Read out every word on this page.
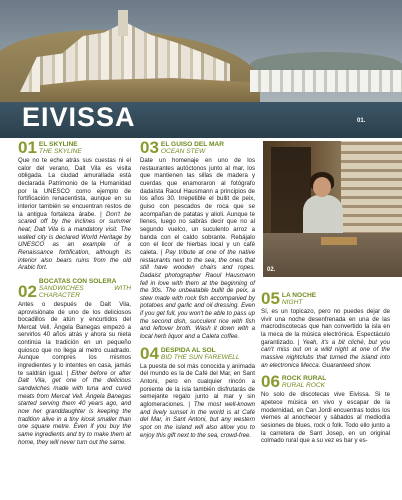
EIVISSA	01.
01 EL SKYLINE
THE SKYLINE
Que no te eche atrás sus cuestas ni el calor del verano, Dalt Vila es visita obligada. La ciudad amurallada está declarada Patrimonio de la Humanidad por la UNESCO como ejemplo de fortificación renacentista, aunque en su interior también se encuentran restos de la antigua fortaleza árabe. | Don't be scared off by the inclines or summer heat; Dalt Vila is a mandatory visit. The walled city is declared World Heritage by UNESCO as an example of a Renaissance fortification, although its interior also bears ruins from the old Arabic fort.
02
BOCATAS CON SOLERA
SANDWICHES WITH CHARACTER
Antes o después de Dalt Vila, aprovisiónate de uno de los deliciosos bocadillos de atún y encurtidos del Mercat Vell. Àngela Banegas empezó a servirlos 40 años atrás y ahora su nieta continúa la tradición en un pequeño quiosco que no llega al metro cuadrado. Aunque compres los mismos ingredientes y lo intentes en casa, jamás te saldrán igual. | Either before or after Dalt Vila, get one of the delicious sandwiches made with tuna and cured meats from Mercat Vell. Àngela Banegas started serving them 40 years ago, and now her granddaughter is keeping the tradition alive in a tiny kiosk smaller than one square metre. Even if you buy the same ingredients and try to make them at home, they will never turn out the same.
03 EL GUISO DEL MAR
OCEAN STEW
Date un homenaje en uno de los restaurantes autóctonos junto al mar, los que mantienen las sillas de madera y cuerdas que enamoraron al fotógrafo dadaísta Raoul Hausmann a principios de los años 30. Irrepetible el bullit de peix, guiso con pescados de roca que se acompañan de patatas y alioli. Aunque te llenes, luego no sabrás decir que no al segundo vuelco, un suculento arroz a banda con el caldo sobrante. Rebájalo con el licor de hierbas local y un café caleta. | Pay tribute at one of the native restaurants next to the sea, the ones that still have wooden chairs and ropes. Dadaist photographer Raoul Hausmann fell in love with them at the beginning of the 30s. The unbeatable bullit de peix, a stew made with rock fish accompanied by potatoes and garlic and oil dressing. Even if you get full, you won't be able to pass up the second dish, succulent rice with fish and leftover broth. Wash it down with a local herb liquor and a Caleta coffee.
04 DESPIDA AL SOL
BID THE SUN FAREWELL
La puesta de sol más conocida y animada del mundo es la de Café del Mar, en Sant Antoni, pero en cualquier rincón a poniente de la isla también disfrutarás de semejante regalo junto al mar y sin aglomeraciones. | The most well-known and lively sunset in the world is at Café del Mar, in Sant Antoni, but any western spot on the island will also allow you to enjoy this gift next to the sea, crowd-free.
02.
05 LA NOCHE
NIGHT
Sí, es un topicazo, pero no puedes dejar de vivir una noche desenfrenada en una de las macrodiscotecas que han convertido la isla en la meca de la música electrónica. Espectáculo garantizado. | Yeah, it's a bit cliché, but you can't miss out on a wild night at one of the massive nightclubs that turned the island into an electronica Mecca. Guaranteed show.
06 ROCK RURAL
RURAL ROCK
No solo de discotecas vive Eivissa. Si te apetece música en vivo y escapar de la modernidad, en Can Jordi encuentras todos los viernes al anochecer y sábados al mediodía sesiones de blues, rock o folk. Todo ello junto a la carretera de Sant Josep, en un original colmado rural que a su vez es bar y es-
